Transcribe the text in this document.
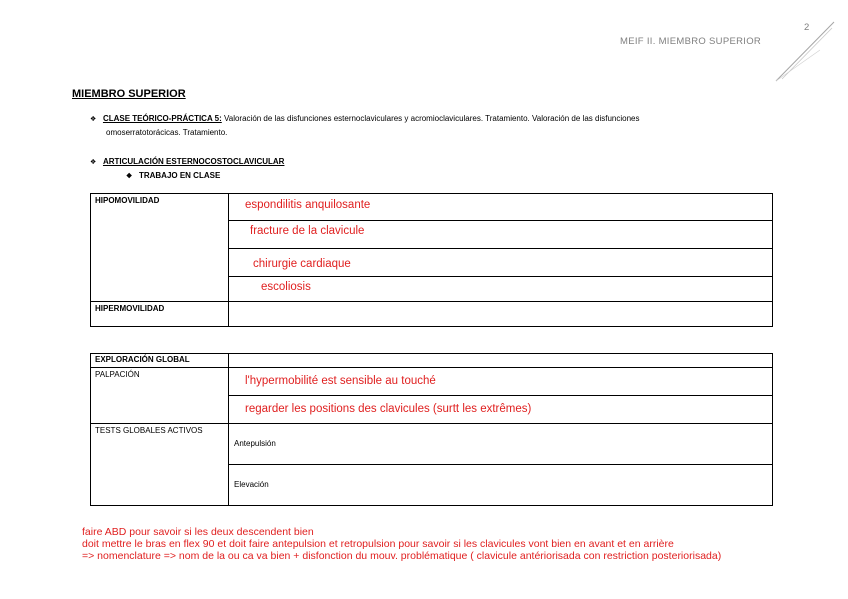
2
MEIF II. MIEMBRO SUPERIOR
MIEMBRO SUPERIOR
❖ CLASE TEÓRICO-PRÁCTICA 5: Valoración de las disfunciones esternoclaviculares y acromioclaviculares. Tratamiento. Valoración de las disfunciones
omoserratotorácicas. Tratamiento.
❖ ARTICULACIÓN ESTERNOCOSTOCLAVICULAR
❖ TRABAJO EN CLASE
HIPOMOVILIDAD	espondilitis anquilosante

	fracture de la clavicule

	chirurgie cardiaque

	escoliosis

HIPERMOVILIDAD	
EXPLORACIÓN GLOBAL	
PALPACIÓN	l'hypermobilité est sensible au touché

	regarder les positions des clavicules (surtt les extrêmes)

TESTS GLOBALES ACTIVOS	Antepulsión

	Elevación
faire ABD pour savoir si les deux descendent bien
doit mettre le bras en flex 90 et doit faire antepulsion et retropulsion pour savoir si les clavicules vont bien en avant et en arrière
=> nomenclature => nom de la ou ca va bien + disfonction du mouv. problématique ( clavicule antériorisada con restriction posteriorisada)
